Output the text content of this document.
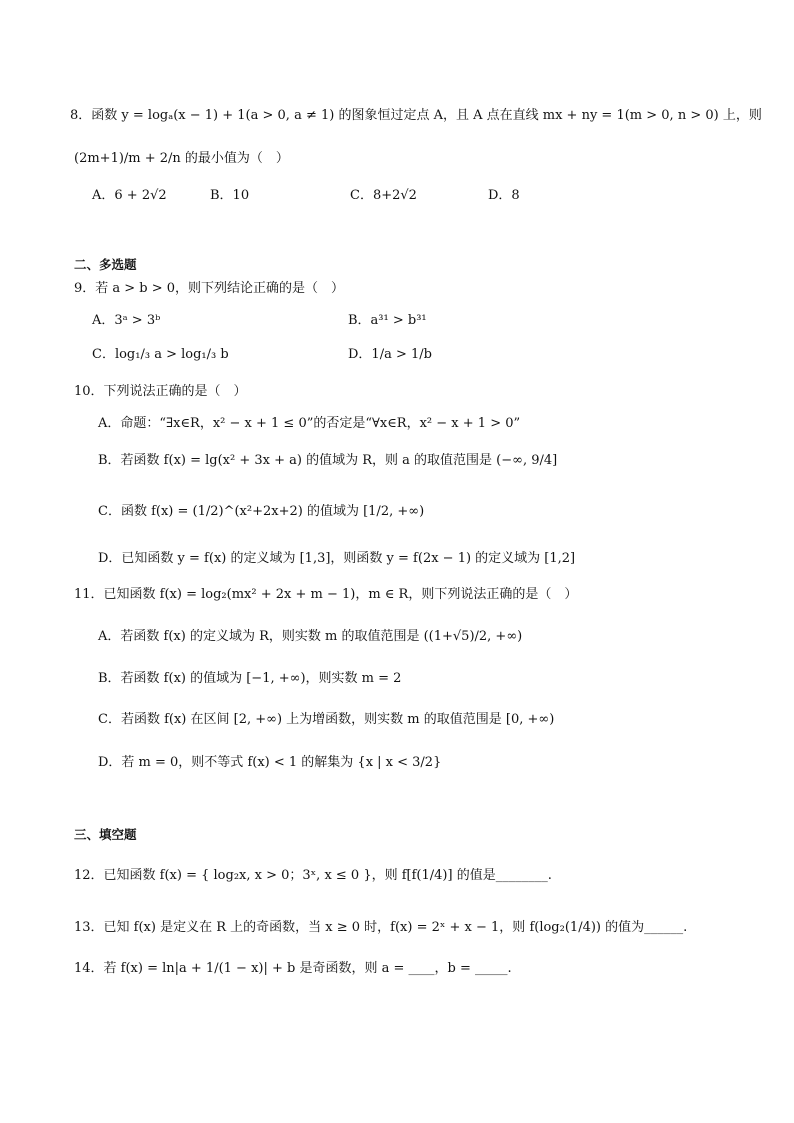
8．函数 y = logₐ(x − 1) + 1(a > 0, a ≠ 1) 的图象恒过定点 A，且 A 点在直线 mx + ny = 1(m > 0, n > 0) 上，则
(2m+1)/m + 2/n 的最小值为（　）
A．6 + 2√2	B．10	C．8+2√2	D．8
二、多选题
9．若 a > b > 0，则下列结论正确的是（　）
A．3ᵃ > 3ᵇ	B．a³¹ > b³¹
C．log₁/₃ a > log₁/₃ b	D．1/a > 1/b
10．下列说法正确的是（　）
A．命题：“∃x∈R，x² − x + 1 ≤ 0”的否定是“∀x∈R，x² − x + 1 > 0”
B．若函数 f(x) = lg(x² + 3x + a) 的值域为 R，则 a 的取值范围是 (−∞, 9/4]
C．函数 f(x) = (1/2)^(x²+2x+2) 的值域为 [1/2, +∞)
D．已知函数 y = f(x) 的定义域为 [1,3]，则函数 y = f(2x − 1) 的定义域为 [1,2]
11．已知函数 f(x) = log₂(mx² + 2x + m − 1)，m ∈ R，则下列说法正确的是（　）
A．若函数 f(x) 的定义域为 R，则实数 m 的取值范围是 ((1+√5)/2, +∞)
B．若函数 f(x) 的值域为 [−1, +∞)，则实数 m = 2
C．若函数 f(x) 在区间 [2, +∞) 上为增函数，则实数 m 的取值范围是 [0, +∞)
D．若 m = 0，则不等式 f(x) < 1 的解集为 {x | x < 3/2}
三、填空题
12．已知函数 f(x) = { log₂x, x > 0；3ˣ, x ≤ 0 }，则 f[f(1/4)] 的值是________.
13．已知 f(x) 是定义在 R 上的奇函数，当 x ≥ 0 时，f(x) = 2ˣ + x − 1，则 f(log₂(1/4)) 的值为______.
14．若 f(x) = ln|a + 1/(1 − x)| + b 是奇函数，则 a = ____，b = _____.
